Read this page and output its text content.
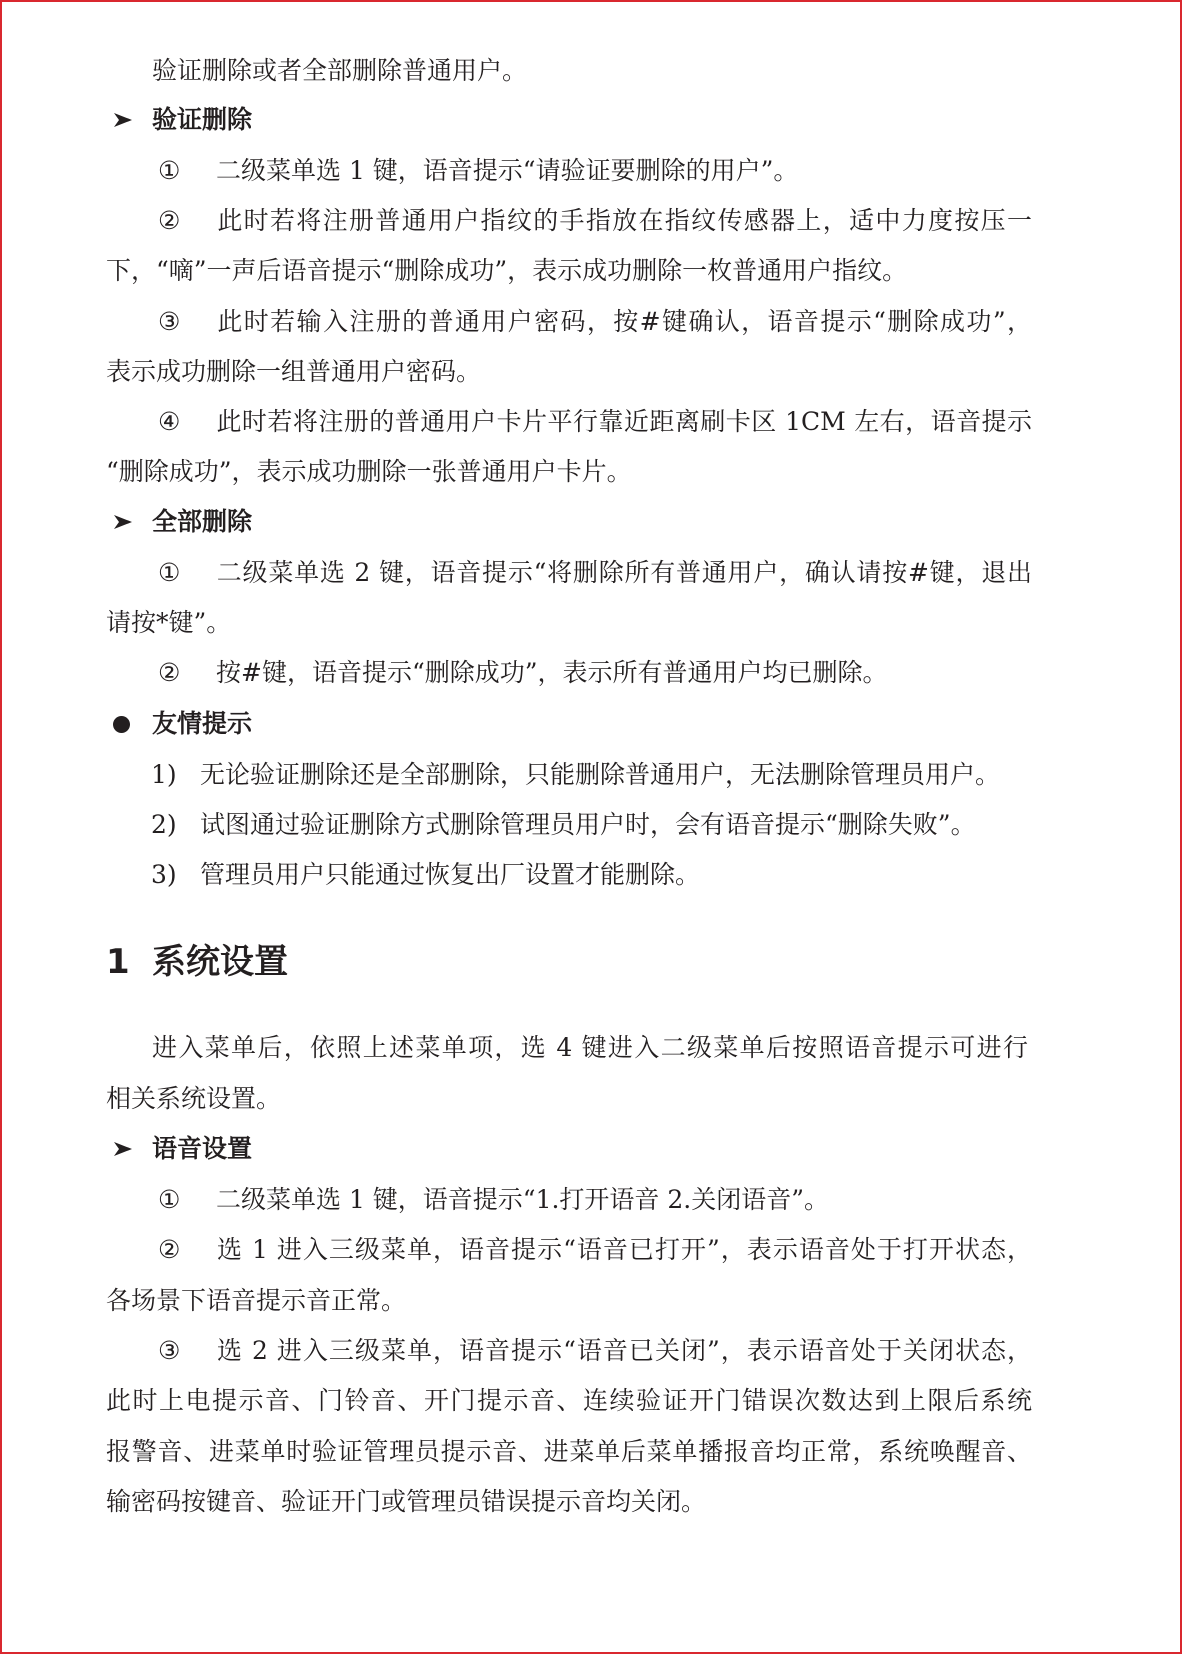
验证删除或者全部删除普通用户。
验证删除
① 二级菜单选 1 键，语音提示“请验证要删除的用户”。
② 此时若将注册普通用户指纹的手指放在指纹传感器上，适中力度按压一
下，“嘀”一声后语音提示“删除成功”，表示成功删除一枚普通用户指纹。
③ 此时若输入注册的普通用户密码，按#键确认，语音提示“删除成功”，
表示成功删除一组普通用户密码。
④ 此时若将注册的普通用户卡片平行靠近距离刷卡区 1CM 左右，语音提示
“删除成功”，表示成功删除一张普通用户卡片。
全部删除
① 二级菜单选 2 键，语音提示“将删除所有普通用户，确认请按#键，退出
请按*键”。
② 按#键，语音提示“删除成功”，表示所有普通用户均已删除。
友情提示
1) 无论验证删除还是全部删除，只能删除普通用户，无法删除管理员用户。
2) 试图通过验证删除方式删除管理员用户时，会有语音提示“删除失败”。
3) 管理员用户只能通过恢复出厂设置才能删除。
1 系统设置
进入菜单后，依照上述菜单项，选 4 键进入二级菜单后按照语音提示可进行
相关系统设置。
语音设置
① 二级菜单选 1 键，语音提示“1.打开语音 2.关闭语音”。
② 选 1 进入三级菜单，语音提示“语音已打开”，表示语音处于打开状态，
各场景下语音提示音正常。
③ 选 2 进入三级菜单，语音提示“语音已关闭”，表示语音处于关闭状态，
此时上电提示音、门铃音、开门提示音、连续验证开门错误次数达到上限后系统
报警音、进菜单时验证管理员提示音、进菜单后菜单播报音均正常，系统唤醒音、
输密码按键音、验证开门或管理员错误提示音均关闭。
